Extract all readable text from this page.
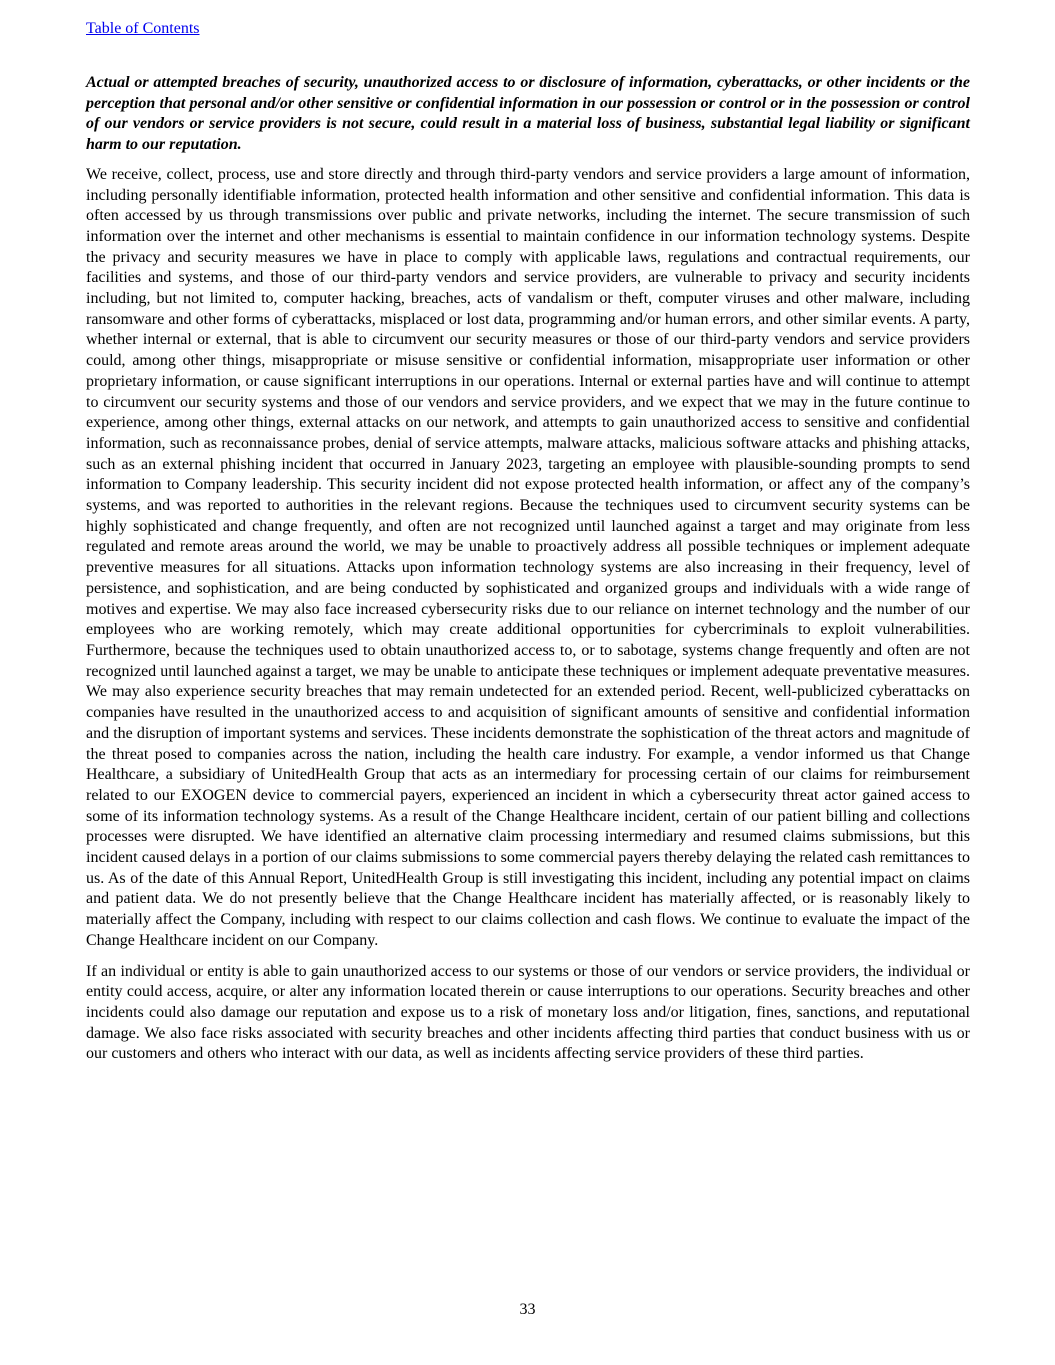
Table of Contents

Actual or attempted breaches of security, unauthorized access to or disclosure of information, cyberattacks, or other incidents or the perception that personal and/or other sensitive or confidential information in our possession or control or in the possession or control of our vendors or service providers is not secure, could result in a material loss of business, substantial legal liability or significant harm to our reputation.

We receive, collect, process, use and store directly and through third-party vendors and service providers a large amount of information, including personally identifiable information, protected health information and other sensitive and confidential information. This data is often accessed by us through transmissions over public and private networks, including the internet. The secure transmission of such information over the internet and other mechanisms is essential to maintain confidence in our information technology systems. Despite the privacy and security measures we have in place to comply with applicable laws, regulations and contractual requirements, our facilities and systems, and those of our third-party vendors and service providers, are vulnerable to privacy and security incidents including, but not limited to, computer hacking, breaches, acts of vandalism or theft, computer viruses and other malware, including ransomware and other forms of cyberattacks, misplaced or lost data, programming and/or human errors, and other similar events. A party, whether internal or external, that is able to circumvent our security measures or those of our third-party vendors and service providers could, among other things, misappropriate or misuse sensitive or confidential information, misappropriate user information or other proprietary information, or cause significant interruptions in our operations. Internal or external parties have and will continue to attempt to circumvent our security systems and those of our vendors and service providers, and we expect that we may in the future continue to experience, among other things, external attacks on our network, and attempts to gain unauthorized access to sensitive and confidential information, such as reconnaissance probes, denial of service attempts, malware attacks, malicious software attacks and phishing attacks, such as an external phishing incident that occurred in January 2023, targeting an employee with plausible-sounding prompts to send information to Company leadership. This security incident did not expose protected health information, or affect any of the company’s systems, and was reported to authorities in the relevant regions. Because the techniques used to circumvent security systems can be highly sophisticated and change frequently, and often are not recognized until launched against a target and may originate from less regulated and remote areas around the world, we may be unable to proactively address all possible techniques or implement adequate preventive measures for all situations. Attacks upon information technology systems are also increasing in their frequency, level of persistence, and sophistication, and are being conducted by sophisticated and organized groups and individuals with a wide range of motives and expertise. We may also face increased cybersecurity risks due to our reliance on internet technology and the number of our employees who are working remotely, which may create additional opportunities for cybercriminals to exploit vulnerabilities. Furthermore, because the techniques used to obtain unauthorized access to, or to sabotage, systems change frequently and often are not recognized until launched against a target, we may be unable to anticipate these techniques or implement adequate preventative measures. We may also experience security breaches that may remain undetected for an extended period. Recent, well-publicized cyberattacks on companies have resulted in the unauthorized access to and acquisition of significant amounts of sensitive and confidential information and the disruption of important systems and services. These incidents demonstrate the sophistication of the threat actors and magnitude of the threat posed to companies across the nation, including the health care industry. For example, a vendor informed us that Change Healthcare, a subsidiary of UnitedHealth Group that acts as an intermediary for processing certain of our claims for reimbursement related to our EXOGEN device to commercial payers, experienced an incident in which a cybersecurity threat actor gained access to some of its information technology systems. As a result of the Change Healthcare incident, certain of our patient billing and collections processes were disrupted. We have identified an alternative claim processing intermediary and resumed claims submissions, but this incident caused delays in a portion of our claims submissions to some commercial payers thereby delaying the related cash remittances to us. As of the date of this Annual Report, UnitedHealth Group is still investigating this incident, including any potential impact on claims and patient data. We do not presently believe that the Change Healthcare incident has materially affected, or is reasonably likely to materially affect the Company, including with respect to our claims collection and cash flows. We continue to evaluate the impact of the Change Healthcare incident on our Company.

If an individual or entity is able to gain unauthorized access to our systems or those of our vendors or service providers, the individual or entity could access, acquire, or alter any information located therein or cause interruptions to our operations. Security breaches and other incidents could also damage our reputation and expose us to a risk of monetary loss and/or litigation, fines, sanctions, and reputational damage. We also face risks associated with security breaches and other incidents affecting third parties that conduct business with us or our customers and others who interact with our data, as well as incidents affecting service providers of these third parties.

33
